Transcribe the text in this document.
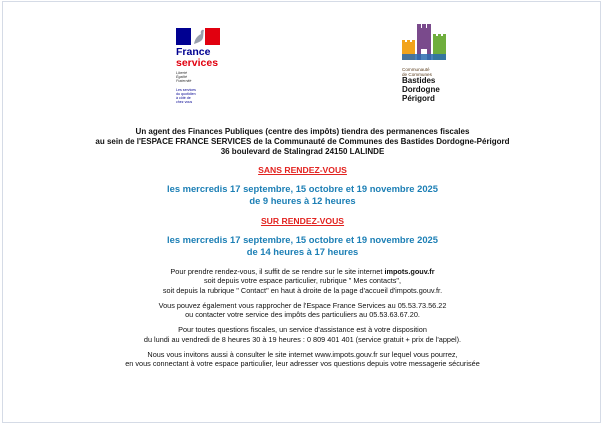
France
services
Liberté
Égalité
Fraternité
Les services
du quotidien
à côté de
chez vous
Communauté
de Communes
Bastides
Dordogne
Périgord

Un agent des Finances Publiques (centre des impôts) tiendra des permanences fiscales

au sein de l'ESPACE FRANCE SERVICES de la Communauté de Communes des Bastides Dordogne-Périgord

36 boulevard de Stalingrad 24150 LALINDE

SANS RENDEZ-VOUS

les mercredis 17 septembre, 15 octobre et 19 novembre 2025

de 9 heures à 12 heures

SUR RENDEZ-VOUS

les mercredis 17 septembre, 15 octobre et 19 novembre 2025

de 14 heures à 17 heures

Pour prendre rendez-vous, il suffit de se rendre sur le site internet impots.gouv.fr

soit depuis votre espace particulier, rubrique " Mes contacts",

soit depuis la rubrique " Contact" en haut à droite de la page d'accueil d'impots.gouv.fr.

Vous pouvez également vous rapprocher de l'Espace France Services au 05.53.73.56.22

ou contacter votre service des impôts des particuliers au 05.53.63.67.20.

Pour toutes questions fiscales, un service d'assistance est à votre disposition

du lundi au vendredi de 8 heures 30 à 19 heures : 0 809 401 401 (service gratuit + prix de l'appel).

Nous vous invitons aussi à consulter le site internet www.impots.gouv.fr sur lequel vous pourrez,

en vous connectant à votre espace particulier, leur adresser vos questions depuis votre messagerie sécurisée
